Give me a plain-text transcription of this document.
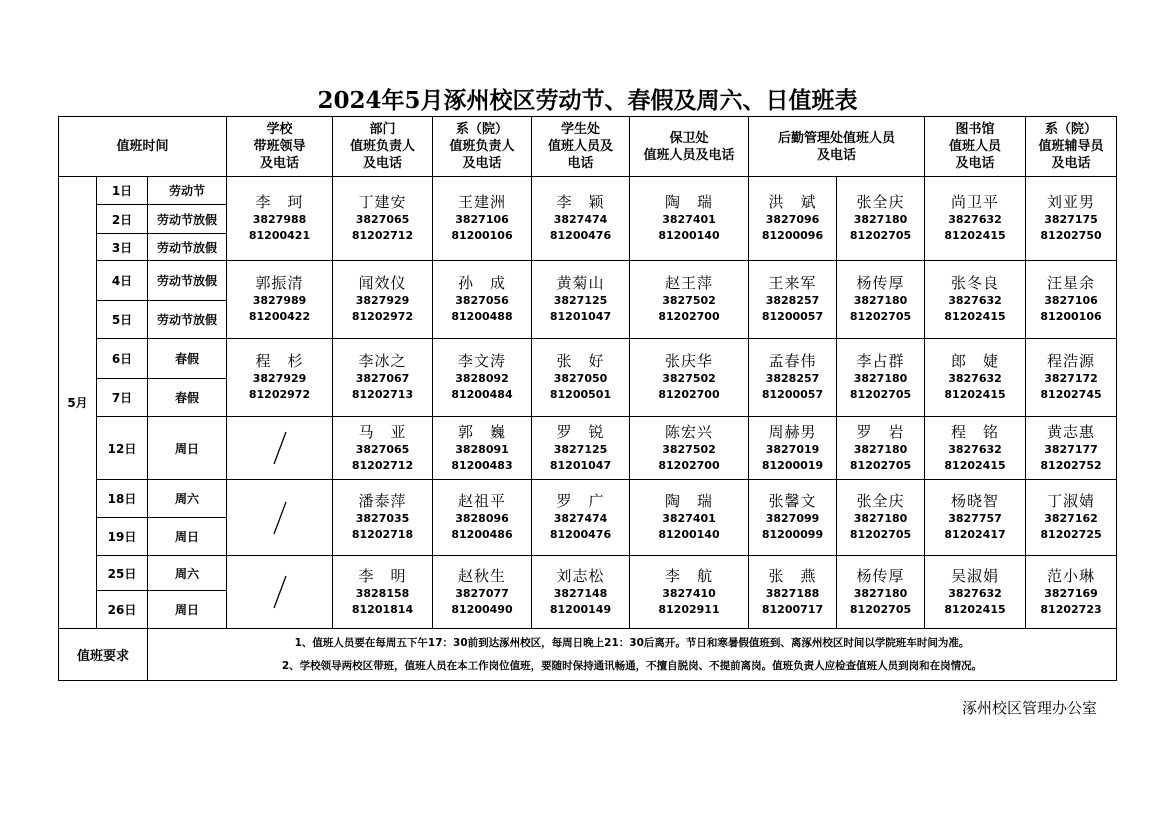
2024年5月涿州校区劳动节、春假及周六、日值班表
值班时间			学校
带班领导
及电话	部门
值班负责人
及电话	系（院）
值班负责人
及电话	学生处
值班人员及
电话	保卫处
值班人员及电话	后勤管理处值班人员
及电话		图书馆
值班人员
及电话	系（院）
值班辅导员
及电话

5月	1日	劳动节	李　珂
3827988
81200421	丁建安
3827065
81202712	王建洲
3827106
81200106	李　颖
3827474
81200476	陶　瑞
3827401
81200140	洪　斌
3827096
81200096	张全庆
3827180
81202705	尚卫平
3827632
81202415	刘亚男
3827175
81202750

	2日	劳动节放假									
	3日	劳动节放假									
	4日	劳动节放假	郭振清
3827989
81200422	闻效仪
3827929
81202972	孙　成
3827056
81200488	黄菊山
3827125
81201047	赵王萍
3827502
81202700	王来军
3828257
81200057	杨传厚
3827180
81202705	张冬良
3827632
81202415	汪星余
3827106
81200106

	5日	劳动节放假									
	6日	春假	程　杉
3827929
81202972	李冰之
3827067
81202713	李文涛
3828092
81200484	张　好
3827050
81200501	张庆华
3827502
81202700	孟春伟
3828257
81200057	李占群
3827180
81202705	郎　婕
3827632
81202415	程浩源
3827172
81202745

	7日	春假									
	12日	周日		马　亚
3827065
81202712	郭　巍
3828091
81200483	罗　锐
3827125
81201047	陈宏兴
3827502
81202700	周赫男
3827019
81200019	罗　岩
3827180
81202705	程　铭
3827632
81202415	黄志惠
3827177
81202752

	18日	周六		潘泰萍
3827035
81202718	赵祖平
3828096
81200486	罗　广
3827474
81200476	陶　瑞
3827401
81200140	张馨文
3827099
81200099	张全庆
3827180
81202705	杨晓智
3827757
81202417	丁淑婧
3827162
81202725

	19日	周日									
	25日	周六		李　明
3828158
81201814	赵秋生
3827077
81200490	刘志松
3827148
81200149	李　航
3827410
81202911	张　燕
3827188
81200717	杨传厚
3827180
81202705	吴淑娟
3827632
81202415	范小琳
3827169
81202723

	26日	周日									
值班要求		1、值班人员要在每周五下午17：30前到达涿州校区，每周日晚上21：30后离开。节日和寒暑假值班到、离涿州校区时间以学院班车时间为准。
2、学校领导两校区带班，值班人员在本工作岗位值班，要随时保持通讯畅通，不擅自脱岗、不提前离岗。值班负责人应检查值班人员到岗和在岗情况。									
涿州校区管理办公室
